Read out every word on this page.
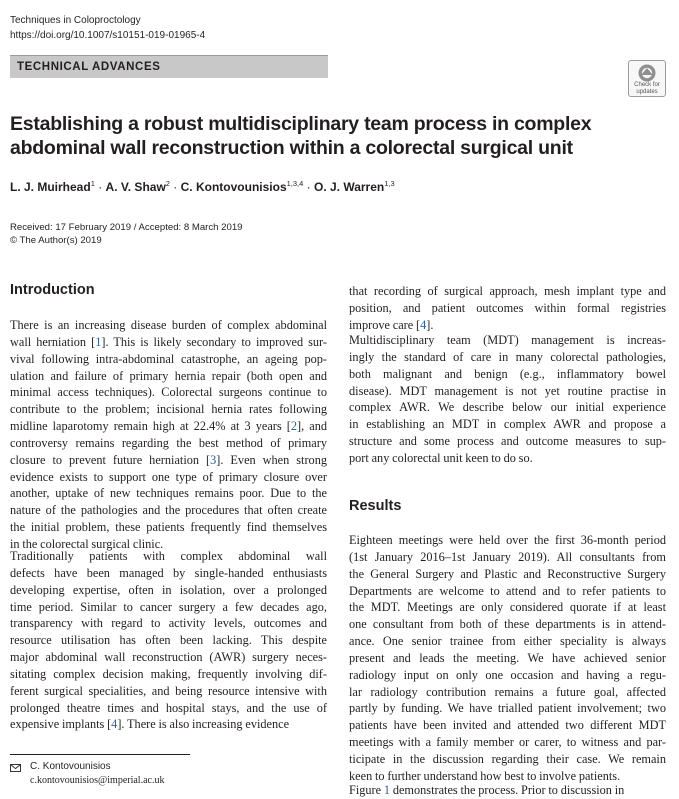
Techniques in Coloproctology
https://doi.org/10.1007/s10151-019-01965-4
TECHNICAL ADVANCES
Check for
updates
Establishing a robust multidisciplinary team process in complex
abdominal wall reconstruction within a colorectal surgical unit
L. J. Muirhead$^1$ · A. V. Shaw$^2$ · C. Kontovounisios$^{1,3,4}$ · O. J. Warren$^{1,3}$
Received: 17 February 2019 / Accepted: 8 March 2019
© The Author(s) 2019
Introduction
Results

There is an increasing disease burden of complex abdominal
wall herniation [1]. This is likely secondary to improved sur-
vival following intra-abdominal catastrophe, an ageing pop-
ulation and failure of primary hernia repair (both open and
minimal access techniques). Colorectal surgeons continue to
contribute to the problem; incisional hernia rates following
midline laparotomy remain high at 22.4% at 3 years [2], and
controversy remains regarding the best method of primary
closure to prevent future herniation [3]. Even when strong
evidence exists to support one type of primary closure over
another, uptake of new techniques remains poor. Due to the
nature of the pathologies and the procedures that often create
the initial problem, these patients frequently find themselves
in the colorectal surgical clinic.

Traditionally patients with complex abdominal wall
defects have been managed by single-handed enthusiasts
developing expertise, often in isolation, over a prolonged
time period. Similar to cancer surgery a few decades ago,
transparency with regard to activity levels, outcomes and
resource utilisation has often been lacking. This despite
major abdominal wall reconstruction (AWR) surgery neces-
sitating complex decision making, frequently involving dif-
ferent surgical specialities, and being resource intensive with
prolonged theatre times and hospital stays, and the use of
expensive implants [4]. There is also increasing evidence

that recording of surgical approach, mesh implant type and
position, and patient outcomes within formal registries
improve care [4].

Multidisciplinary team (MDT) management is increas-
ingly the standard of care in many colorectal pathologies,
both malignant and benign (e.g., inflammatory bowel
disease). MDT management is not yet routine practise in
complex AWR. We describe below our initial experience
in establishing an MDT in complex AWR and propose a
structure and some process and outcome measures to sup-
port any colorectal unit keen to do so.

Eighteen meetings were held over the first 36-month period
(1st January 2016–1st January 2019). All consultants from
the General Surgery and Plastic and Reconstructive Surgery
Departments are welcome to attend and to refer patients to
the MDT. Meetings are only considered quorate if at least
one consultant from both of these departments is in attend-
ance. One senior trainee from either speciality is always
present and leads the meeting. We have achieved senior
radiology input on only one occasion and having a regu-
lar radiology contribution remains a future goal, affected
partly by funding. We have trialled patient involvement; two
patients have been invited and attended two different MDT
meetings with a family member or carer, to witness and par-
ticipate in the discussion regarding their case. We remain
keen to further understand how best to involve patients.

Figure 1 demonstrates the process. Prior to discussion in

C. Kontovounisios
c.kontovounisios@imperial.ac.uk
